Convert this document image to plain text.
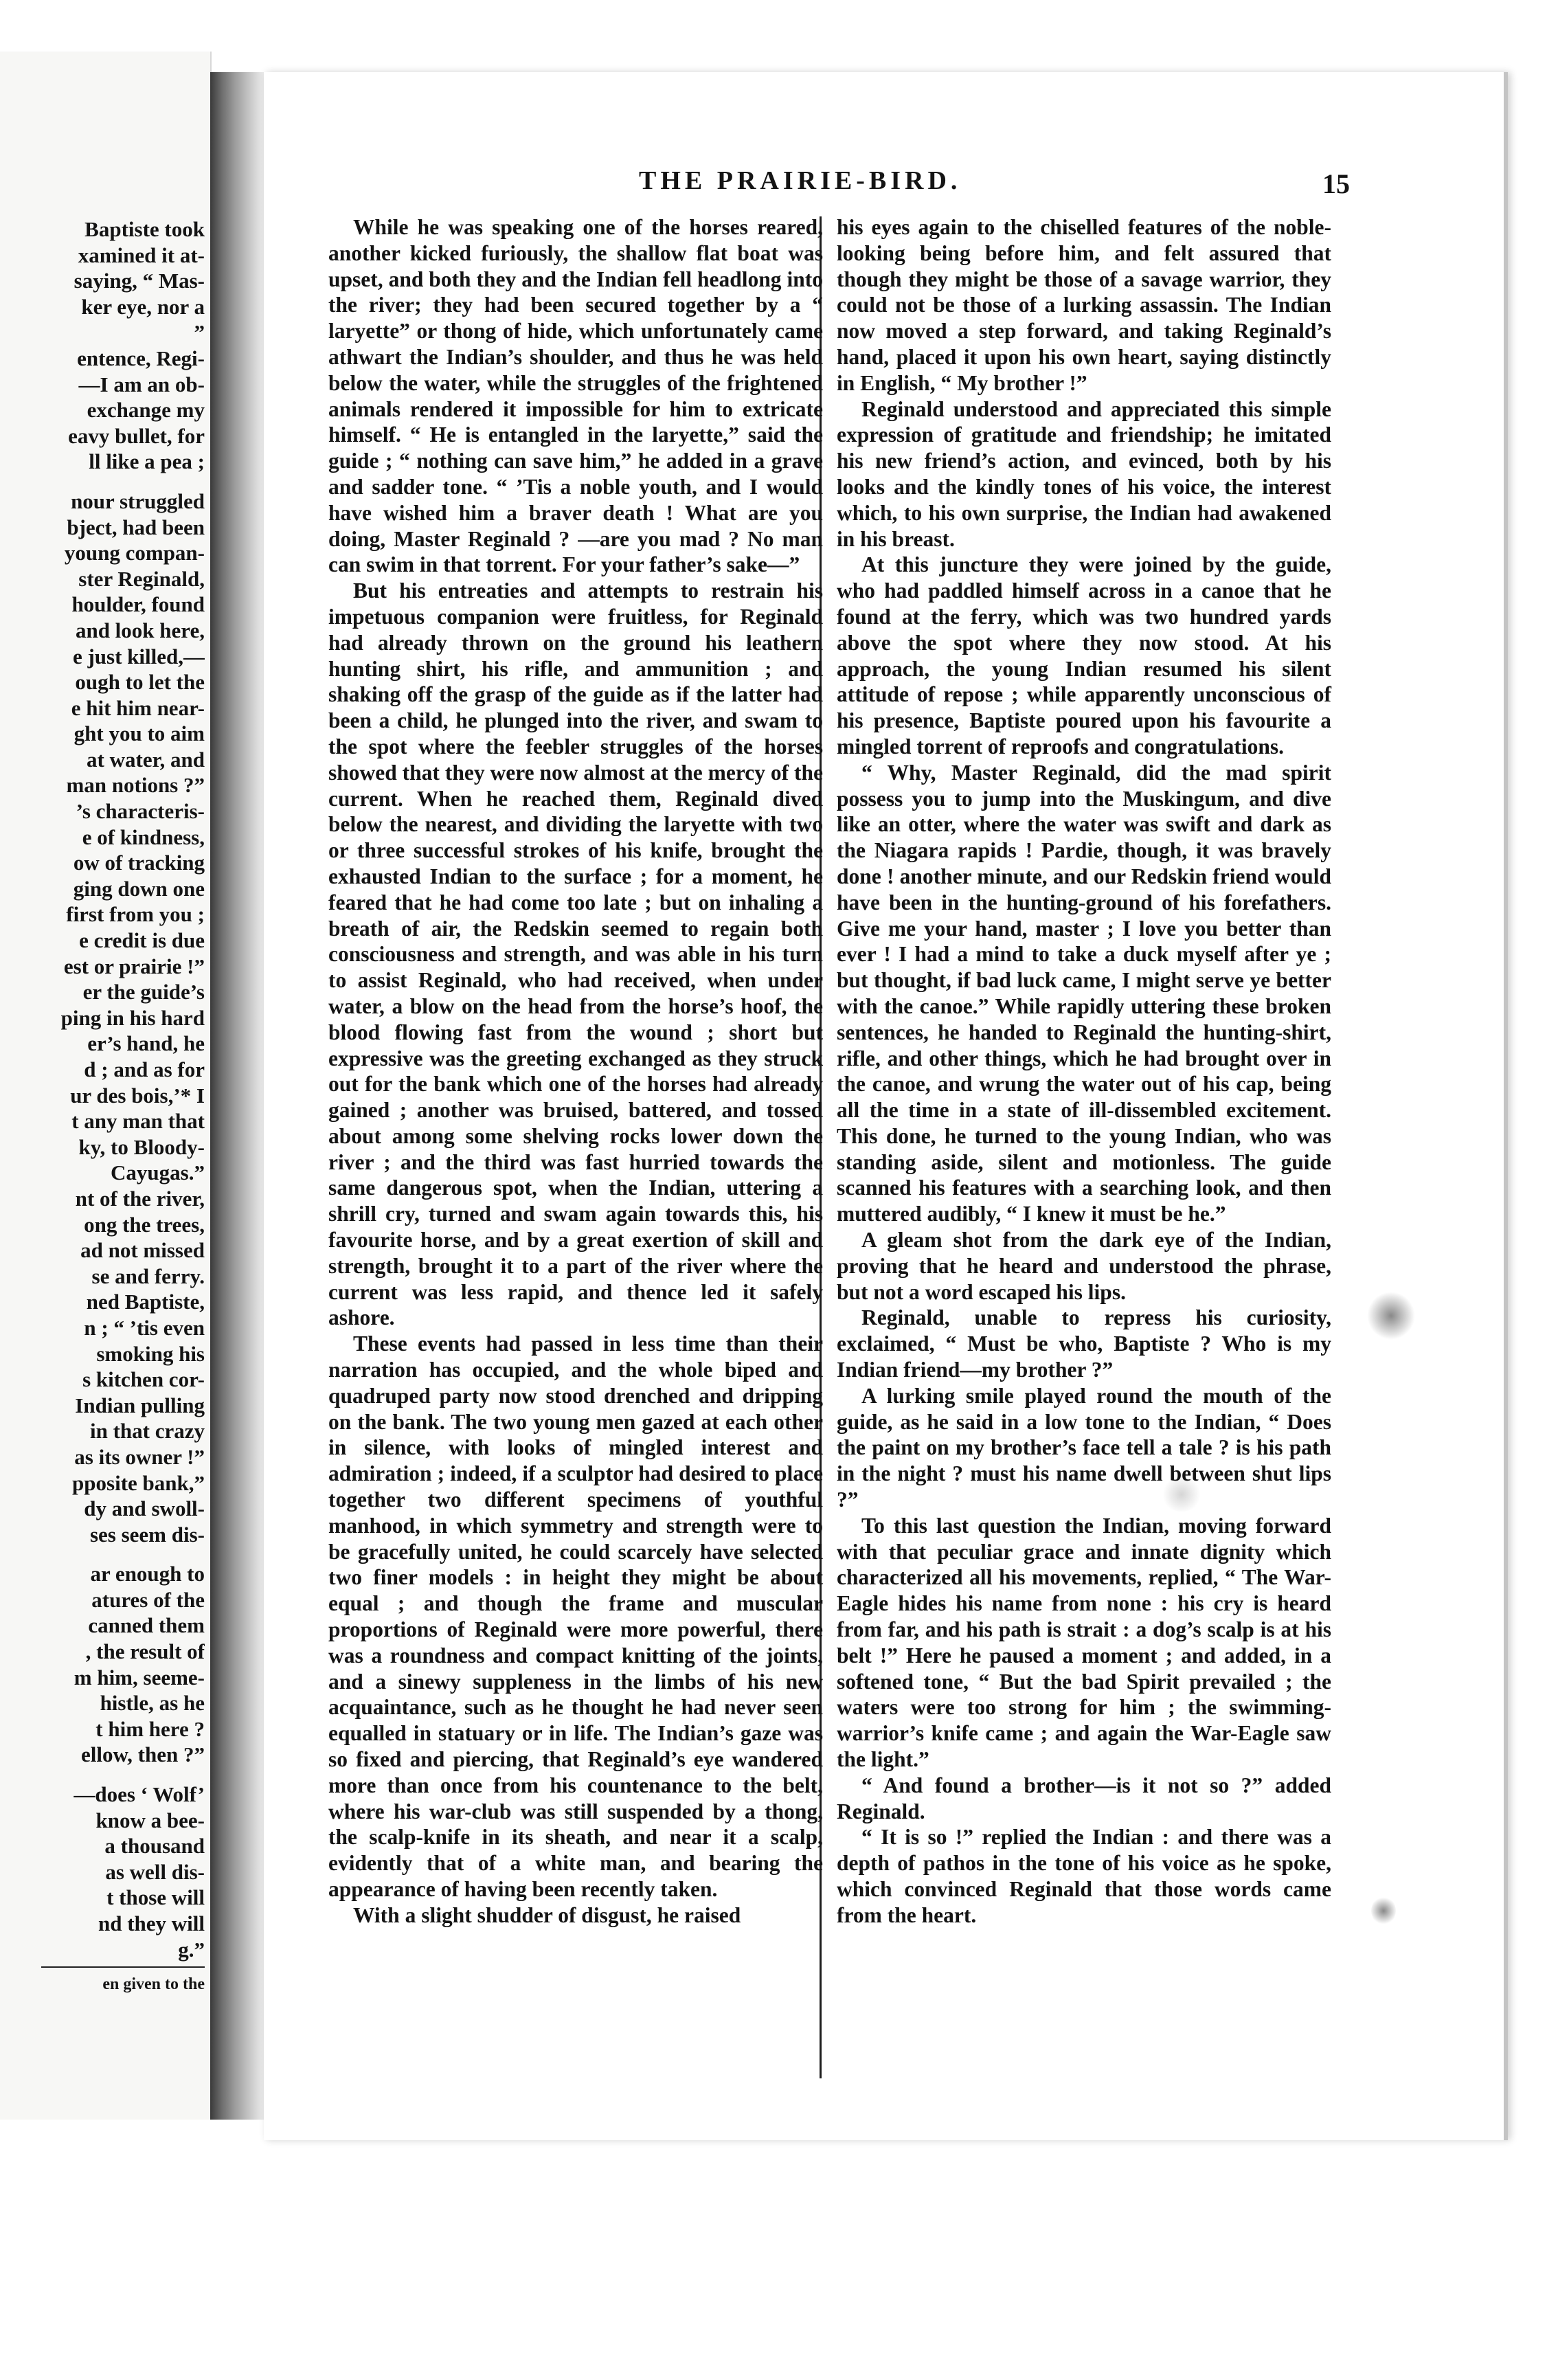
Baptiste took
xamined it at-
saying, “ Mas-
ker eye, nor a
”
entence, Regi-
—I am an ob-
exchange my
eavy bullet, for
ll like a pea ;
nour struggled
bject, had been
young compan-
ster Reginald,
houlder, found
and look here,
e just killed,—
ough to let the
e hit him near-
ght you to aim
at water, and
man notions ?”
’s characteris-
e of kindness,
ow of tracking
ging down one
first from you ;
e credit is due
est or prairie !”
er the guide’s
ping in his hard
er’s hand, he
d ; and as for
ur des bois,’* I
t any man that
ky, to Bloody-
Cayugas.”
nt of the river,
ong the trees,
ad not missed
se and ferry.
ned Baptiste,
n ; “ ’tis even
smoking his
s kitchen cor-
Indian pulling
in that crazy
as its owner !”
pposite bank,”
dy and swoll-
ses seem dis-
ar enough to
atures of the
canned them
, the result of
m him, seeme-
histle, as he
t him here ?
ellow, then ?”
—does ‘ Wolf’
know a bee-
a thousand
as well dis-
t those will
nd they will
g.”
en given to the
THE PRAIRIE-BIRD.	15

While he was speaking one of the horses reared, another kicked furiously, the shallow flat boat was upset, and both they and the Indian fell headlong into the river; they had been secured together by a “ laryette” or thong of hide, which unfortunately came athwart the Indian’s shoulder, and thus he was held below the water, while the struggles of the frightened animals rendered it impossible for him to extricate himself. “ He is entangled in the laryette,” said the guide ; “ nothing can save him,” he added in a grave and sadder tone. “ ’Tis a noble youth, and I would have wished him a braver death ! What are you doing, Master Reginald ? —are you mad ? No man can swim in that torrent. For your father’s sake—”

But his entreaties and attempts to restrain his impetuous companion were fruitless, for Reginald had already thrown on the ground his leathern hunting shirt, his rifle, and ammunition ; and shaking off the grasp of the guide as if the latter had been a child, he plunged into the river, and swam to the spot where the feebler struggles of the horses showed that they were now almost at the mercy of the current. When he reached them, Reginald dived below the nearest, and dividing the laryette with two or three successful strokes of his knife, brought the exhausted Indian to the surface ; for a moment, he feared that he had come too late ; but on inhaling a breath of air, the Redskin seemed to regain both consciousness and strength, and was able in his turn to assist Reginald, who had received, when under water, a blow on the head from the horse’s hoof, the blood flowing fast from the wound ; short but expressive was the greeting exchanged as they struck out for the bank which one of the horses had already gained ; another was bruised, battered, and tossed about among some shelving rocks lower down the river ; and the third was fast hurried towards the same dangerous spot, when the Indian, uttering a shrill cry, turned and swam again towards this, his favourite horse, and by a great exertion of skill and strength, brought it to a part of the river where the current was less rapid, and thence led it safely ashore.

These events had passed in less time than their narration has occupied, and the whole biped and quadruped party now stood drenched and dripping on the bank. The two young men gazed at each other in silence, with looks of mingled interest and admiration ; indeed, if a sculptor had desired to place together two different specimens of youthful manhood, in which symmetry and strength were to be gracefully united, he could scarcely have selected two finer models : in height they might be about equal ; and though the frame and muscular proportions of Reginald were more powerful, there was a roundness and compact knitting of the joints, and a sinewy suppleness in the limbs of his new acquaintance, such as he thought he had never seen equalled in statuary or in life. The Indian’s gaze was so fixed and piercing, that Reginald’s eye wandered more than once from his countenance to the belt, where his war-club was still suspended by a thong, the scalp-knife in its sheath, and near it a scalp, evidently that of a white man, and bearing the appearance of having been recently taken.

With a slight shudder of disgust, he raised

his eyes again to the chiselled features of the noble-looking being before him, and felt assured that though they might be those of a savage warrior, they could not be those of a lurking assassin. The Indian now moved a step forward, and taking Reginald’s hand, placed it upon his own heart, saying distinctly in English, “ My brother !”

Reginald understood and appreciated this simple expression of gratitude and friendship; he imitated his new friend’s action, and evinced, both by his looks and the kindly tones of his voice, the interest which, to his own surprise, the Indian had awakened in his breast.

At this juncture they were joined by the guide, who had paddled himself across in a canoe that he found at the ferry, which was two hundred yards above the spot where they now stood. At his approach, the young Indian resumed his silent attitude of repose ; while apparently unconscious of his presence, Baptiste poured upon his favourite a mingled torrent of reproofs and congratulations.

“ Why, Master Reginald, did the mad spirit possess you to jump into the Muskingum, and dive like an otter, where the water was swift and dark as the Niagara rapids ! Pardie, though, it was bravely done ! another minute, and our Redskin friend would have been in the hunting-ground of his forefathers. Give me your hand, master ; I love you better than ever ! I had a mind to take a duck myself after ye ; but thought, if bad luck came, I might serve ye better with the canoe.” While rapidly uttering these broken sentences, he handed to Reginald the hunting-shirt, rifle, and other things, which he had brought over in the canoe, and wrung the water out of his cap, being all the time in a state of ill-dissembled excitement. This done, he turned to the young Indian, who was standing aside, silent and motionless. The guide scanned his features with a searching look, and then muttered audibly, “ I knew it must be he.”

A gleam shot from the dark eye of the Indian, proving that he heard and understood the phrase, but not a word escaped his lips.

Reginald, unable to repress his curiosity, exclaimed, “ Must be who, Baptiste ? Who is my Indian friend—my brother ?”

A lurking smile played round the mouth of the guide, as he said in a low tone to the Indian, “ Does the paint on my brother’s face tell a tale ? is his path in the night ? must his name dwell between shut lips ?”

To this last question the Indian, moving forward with that peculiar grace and innate dignity which characterized all his movements, replied, “ The War-Eagle hides his name from none : his cry is heard from far, and his path is strait : a dog’s scalp is at his belt !” Here he paused a moment ; and added, in a softened tone, “ But the bad Spirit prevailed ; the waters were too strong for him ; the swimming-warrior’s knife came ; and again the War-Eagle saw the light.”

“ And found a brother—is it not so ?” added Reginald.

“ It is so !” replied the Indian : and there was a depth of pathos in the tone of his voice as he spoke, which convinced Reginald that those words came from the heart.
